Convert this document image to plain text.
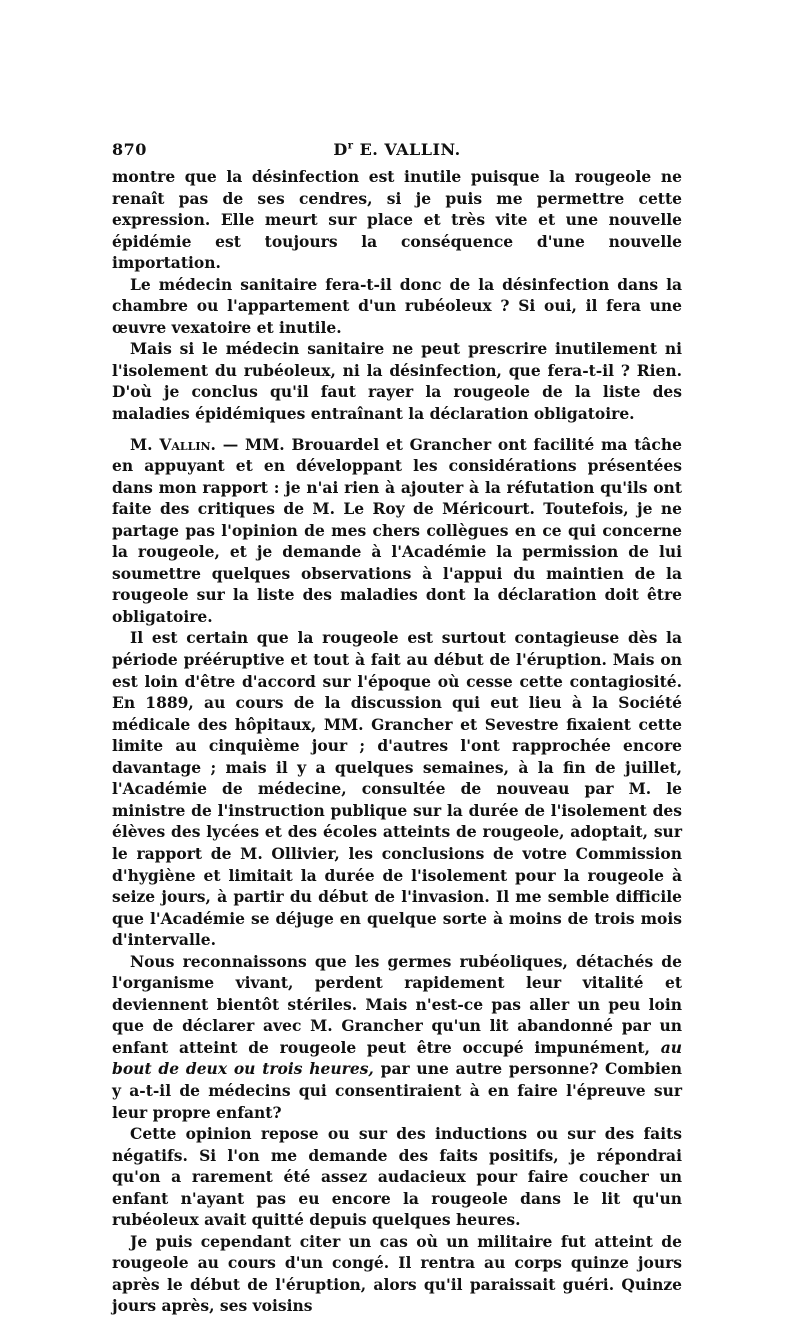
870	$D^r$ E. VALLIN.

montre que la désinfection est inutile puisque la rougeole ne renaît pas de ses cendres, si je puis me permettre cette expression. Elle meurt sur place et très vite et une nouvelle épidémie est toujours la conséquence d'une nouvelle importation.

Le médecin sanitaire fera-t-il donc de la désinfection dans la chambre ou l'appartement d'un rubéoleux ? Si oui, il fera une œuvre vexatoire et inutile.

Mais si le médecin sanitaire ne peut prescrire inutilement ni l'isolement du rubéoleux, ni la désinfection, que fera-t-il ? Rien. D'où je conclus qu'il faut rayer la rougeole de la liste des maladies épidémiques entraînant la déclaration obligatoire.

M. Vallin. — MM. Brouardel et Grancher ont facilité ma tâche en appuyant et en développant les considérations présentées dans mon rapport : je n'ai rien à ajouter à la réfutation qu'ils ont faite des critiques de M. Le Roy de Méricourt. Toutefois, je ne partage pas l'opinion de mes chers collègues en ce qui concerne la rougeole, et je demande à l'Académie la permission de lui soumettre quelques observations à l'appui du maintien de la rougeole sur la liste des maladies dont la déclaration doit être obligatoire.

Il est certain que la rougeole est surtout contagieuse dès la période prééruptive et tout à fait au début de l'éruption. Mais on est loin d'être d'accord sur l'époque où cesse cette contagiosité. En 1889, au cours de la discussion qui eut lieu à la Société médicale des hôpitaux, MM. Grancher et Sevestre fixaient cette limite au cinquième jour ; d'autres l'ont rapprochée encore davantage ; mais il y a quelques semaines, à la fin de juillet, l'Académie de médecine, consultée de nouveau par M. le ministre de l'instruction publique sur la durée de l'isolement des élèves des lycées et des écoles atteints de rougeole, adoptait, sur le rapport de M. Ollivier, les conclusions de votre Commission d'hygiène et limitait la durée de l'isolement pour la rougeole à seize jours, à partir du début de l'invasion. Il me semble difficile que l'Académie se déjuge en quelque sorte à moins de trois mois d'intervalle.

Nous reconnaissons que les germes rubéoliques, détachés de l'organisme vivant, perdent rapidement leur vitalité et deviennent bientôt stériles. Mais n'est-ce pas aller un peu loin que de déclarer avec M. Grancher qu'un lit abandonné par un enfant atteint de rougeole peut être occupé impunément, au bout de deux ou trois heures, par une autre personne? Combien y a-t-il de médecins qui consentiraient à en faire l'épreuve sur leur propre enfant?

Cette opinion repose ou sur des inductions ou sur des faits négatifs. Si l'on me demande des faits positifs, je répondrai qu'on a rarement été assez audacieux pour faire coucher un enfant n'ayant pas eu encore la rougeole dans le lit qu'un rubéoleux avait quitté depuis quelques heures.

Je puis cependant citer un cas où un militaire fut atteint de rougeole au cours d'un congé. Il rentra au corps quinze jours après le début de l'éruption, alors qu'il paraissait guéri. Quinze jours après, ses voisins
